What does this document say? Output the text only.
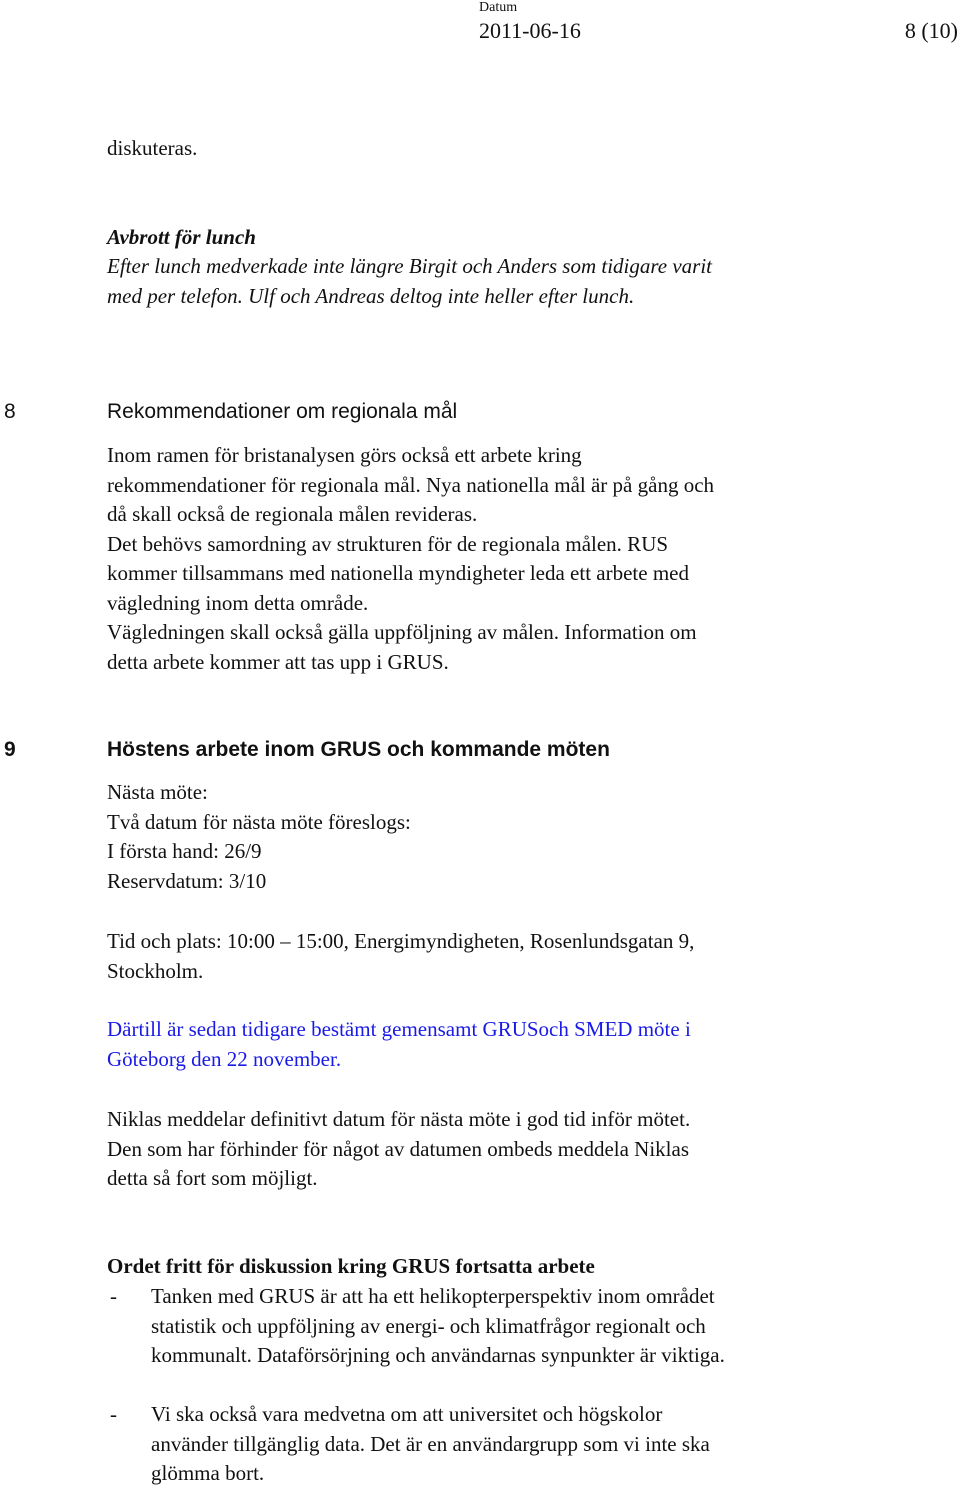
Datum
2011-06-16	8 (10)
diskuteras.
Avbrott för lunch
Efter lunch medverkade inte längre Birgit och Anders som tidigare varit
med per telefon. Ulf och Andreas deltog inte heller efter lunch.
8	Rekommendationer om regionala mål
Inom ramen för bristanalysen görs också ett arbete kring
rekommendationer för regionala mål. Nya nationella mål är på gång och
då skall också de regionala målen revideras.
Det behövs samordning av strukturen för de regionala målen. RUS
kommer tillsammans med nationella myndigheter leda ett arbete med
vägledning inom detta område.
Vägledningen skall också gälla uppföljning av målen. Information om
detta arbete kommer att tas upp i GRUS.
9	Höstens arbete inom GRUS och kommande möten
Nästa möte:
Två datum för nästa möte föreslogs:
I första hand: 26/9
Reservdatum: 3/10
Tid och plats: 10:00 – 15:00, Energimyndigheten, Rosenlundsgatan 9,
Stockholm.
Därtill är sedan tidigare bestämt gemensamt GRUSoch SMED möte i
Göteborg den 22 november.
Niklas meddelar definitivt datum för nästa möte i god tid inför mötet.
Den som har förhinder för något av datumen ombeds meddela Niklas
detta så fort som möjligt.
Ordet fritt för diskussion kring GRUS fortsatta arbete
- Tanken med GRUS är att ha ett helikopterperspektiv inom området
statistik och uppföljning av energi- och klimatfrågor regionalt och
kommunalt. Dataförsörjning och användarnas synpunkter är viktiga.
- Vi ska också vara medvetna om att universitet och högskolor
använder tillgänglig data. Det är en användargrupp som vi inte ska
glömma bort.
